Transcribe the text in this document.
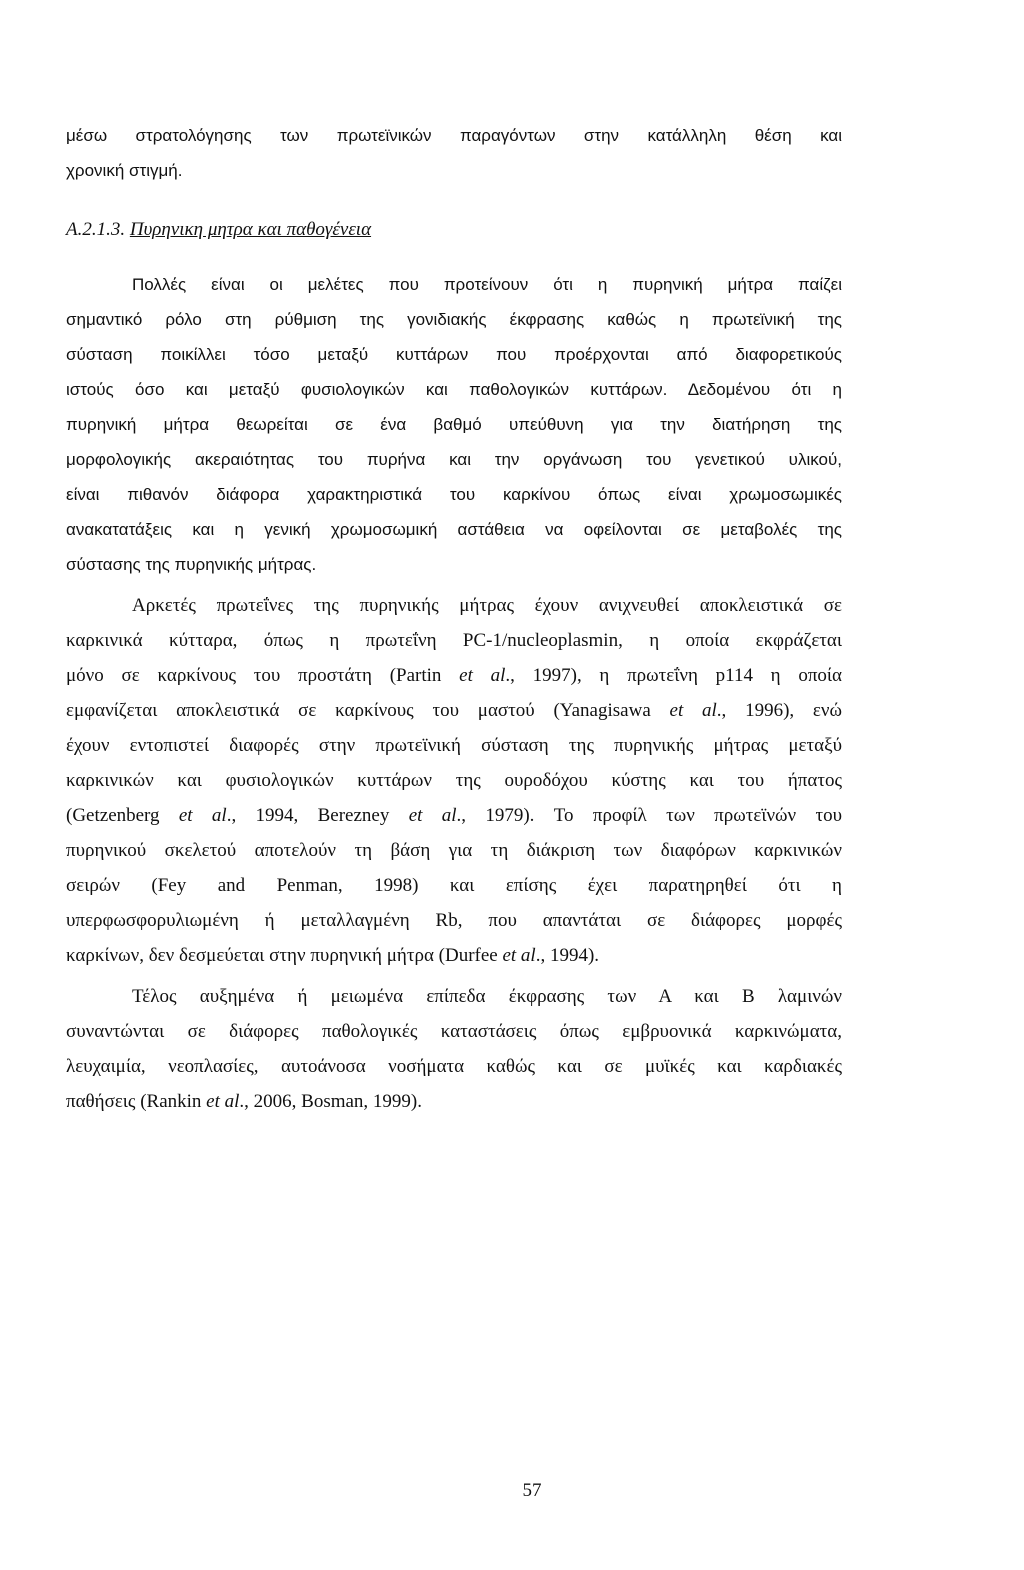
μέσω στρατολόγησης των πρωτεϊνικών παραγόντων στην κατάλληλη θέση και
χρονική στιγμή.
Α.2.1.3. Πυρηνικη μητρα και παθογένεια
Πολλές είναι οι μελέτες που προτείνουν ότι η πυρηνική μήτρα παίζει
σημαντικό ρόλο στη ρύθμιση της γονιδιακής έκφρασης καθώς η πρωτεϊνική της
σύσταση ποικίλλει τόσο μεταξύ κυττάρων που προέρχονται από διαφορετικούς
ιστούς όσο και μεταξύ φυσιολογικών και παθολογικών κυττάρων. Δεδομένου ότι η
πυρηνική μήτρα θεωρείται σε ένα βαθμό υπεύθυνη για την διατήρηση της
μορφολογικής ακεραιότητας του πυρήνα και την οργάνωση του γενετικού υλικού,
είναι πιθανόν διάφορα χαρακτηριστικά του καρκίνου όπως είναι χρωμοσωμικές
ανακατατάξεις και η γενική χρωμοσωμική αστάθεια να οφείλονται σε μεταβολές της
σύστασης της πυρηνικής μήτρας.
Αρκετές πρωτεΐνες της πυρηνικής μήτρας έχουν ανιχνευθεί αποκλειστικά σε
καρκινικά κύτταρα, όπως η πρωτεΐνη PC-1/nucleoplasmin, η οποία εκφράζεται
μόνο σε καρκίνους του προστάτη (Partin et al., 1997), η πρωτεΐνη p114 η οποία
εμφανίζεται αποκλειστικά σε καρκίνους του μαστού (Yanagisawa et al., 1996), ενώ
έχουν εντοπιστεί διαφορές στην πρωτεϊνική σύσταση της πυρηνικής μήτρας μεταξύ
καρκινικών και φυσιολογικών κυττάρων της ουροδόχου κύστης και του ήπατος
(Getzenberg et al., 1994, Berezney et al., 1979). Το προφίλ των πρωτεϊνών του
πυρηνικού σκελετού αποτελούν τη βάση για τη διάκριση των διαφόρων καρκινικών
σειρών (Fey and Penman, 1998) και επίσης έχει παρατηρηθεί ότι η
υπερφωσφορυλιωμένη ή μεταλλαγμένη Rb, που απαντάται σε διάφορες μορφές
καρκίνων, δεν δεσμεύεται στην πυρηνική μήτρα (Durfee et al., 1994).
Τέλος αυξημένα ή μειωμένα επίπεδα έκφρασης των Α και Β λαμινών
συναντώνται σε διάφορες παθολογικές καταστάσεις όπως εμβρυονικά καρκινώματα,
λευχαιμία, νεοπλασίες, αυτοάνοσα νοσήματα καθώς και σε μυϊκές και καρδιακές
παθήσεις (Rankin et al., 2006, Bosman, 1999).
57
